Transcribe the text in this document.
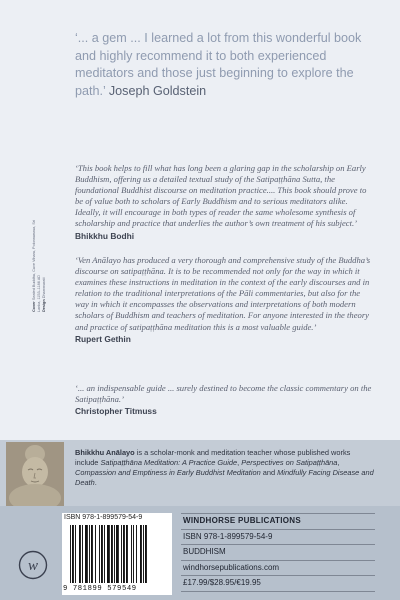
‘... a gem ... I learned a lot from this wonderful book and highly recommend it to both experienced meditators and those just beginning to explore the path.’ Joseph Goldstein
‘This book helps to fill what has long been a glaring gap in the scholarship on Early Buddhism, offering us a detailed textual study of the Satipaṭṭhāna Sutta, the foundational Buddhist discourse on meditation practice.... This book should prove to be of value both to scholars of Early Buddhism and to serious meditators alike. Ideally, it will encourage in both types of reader the same wholesome synthesis of scholarship and practice that underlies the author’s own treatment of his subject.’
Bhikkhu Bodhi
‘Ven Anālayo has produced a very thorough and comprehensive study of the Buddha’s discourse on satipaṭṭhāna. It is to be recommended not only for the way in which it examines these instructions in meditation in the context of the early discourses and in relation to the traditional interpretations of the Pāli commentaries, but also for the way in which it encompasses the observations and interpretations of both modern scholars of Buddhism and teachers of meditation. For anyone interested in the theory and practice of satipaṭṭhāna meditation this is a most valuable guide.’
Rupert Gethin
‘... an indispensable guide ... surely destined to become the classic commentary on the Satipaṭṭhāna.’
Christopher Titmuss
Cover Seated Buddha, Cave Vihara, Polonnaruwa, Sri Lanka, 1153–1186 AD
Design Dhammarati
Bhikkhu Anālayo is a scholar-monk and meditation teacher whose published works include Satipaṭṭhāna Meditation: A Practice Guide, Perspectives on Satipaṭṭhāna, Compassion and Emptiness in Early Buddhist Meditation and Mindfully Facing Disease and Death.
ISBN 978-1-899579-54-9
9 781899 579549
WINDHORSE PUBLICATIONS
ISBN 978-1-899579-54-9
BUDDHISM
windhorsepublications.com
£17.99/$28.95/€19.95
w
